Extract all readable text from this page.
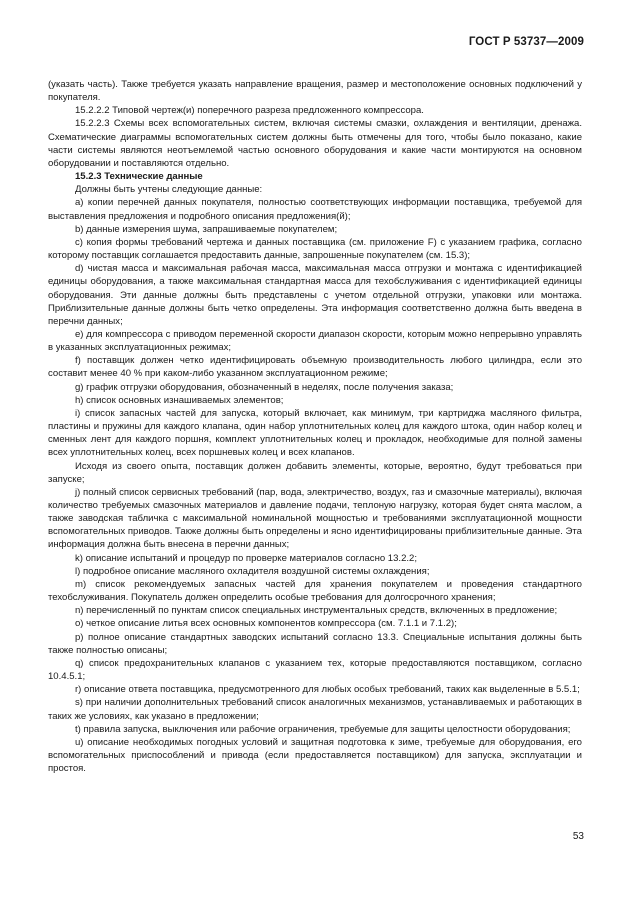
ГОСТ Р 53737—2009

(указать часть). Также требуется указать направление вращения, размер и местоположение основных подключений у покупателя.

15.2.2.2 Типовой чертеж(и) поперечного разреза предложенного компрессора.

15.2.2.3 Схемы всех вспомогательных систем, включая системы смазки, охлаждения и вентиляции, дренажа. Схематические диаграммы вспомогательных систем должны быть отмечены для того, чтобы было показано, какие части системы являются неотъемлемой частью основного оборудования и какие части монтируются на основном оборудовании и поставляются отдельно.

15.2.3 Технические данные

Должны быть учтены следующие данные:

a) копии перечней данных покупателя, полностью соответствующих информации поставщика, требуемой для выставления предложения и подробного описания предложения(й);

b) данные измерения шума, запрашиваемые покупателем;

c) копия формы требований чертежа и данных поставщика (см. приложение F) с указанием графика, согласно которому поставщик соглашается предоставить данные, запрошенные покупателем (см. 15.3);

d) чистая масса и максимальная рабочая масса, максимальная масса отгрузки и монтажа с идентификацией единицы оборудования, а также максимальная стандартная масса для техобслуживания с идентификацией единицы оборудования. Эти данные должны быть представлены с учетом отдельной отгрузки, упаковки или монтажа. Приблизительные данные должны быть четко определены. Эта информация соответственно должна быть введена в перечни данных;

e) для компрессора с приводом переменной скорости диапазон скорости, которым можно непрерывно управлять в указанных эксплуатационных режимах;

f) поставщик должен четко идентифицировать объемную производительность любого цилиндра, если это составит менее 40 % при каком-либо указанном эксплуатационном режиме;

g) график отгрузки оборудования, обозначенный в неделях, после получения заказа;

h) список основных изнашиваемых элементов;

i) список запасных частей для запуска, который включает, как минимум, три картриджа масляного фильтра, пластины и пружины для каждого клапана, один набор уплотнительных колец для каждого штока, один набор колец и сменных лент для каждого поршня, комплект уплотнительных колец и прокладок, необходимые для полной замены всех уплотнительных колец, всех поршневых колец и всех клапанов.

Исходя из своего опыта, поставщик должен добавить элементы, которые, вероятно, будут требоваться при запуске;

j) полный список сервисных требований (пар, вода, электричество, воздух, газ и смазочные материалы), включая количество требуемых смазочных материалов и давление подачи, теплоную нагрузку, которая будет снята маслом, а также заводская табличка с максимальной номинальной мощностью и требованиями эксплуатационной мощности вспомогательных приводов. Также должны быть определены и ясно идентифицированы приблизительные данные. Эта информация должна быть внесена в перечни данных;

k) описание испытаний и процедур по проверке материалов согласно 13.2.2;

l) подробное описание масляного охладителя воздушной системы охлаждения;

m) список рекомендуемых запасных частей для хранения покупателем и проведения стандартного техобслуживания. Покупатель должен определить особые требования для долгосрочного хранения;

n) перечисленный по пунктам список специальных инструментальных средств, включенных в предложение;

o) четкое описание литья всех основных компонентов компрессора (см. 7.1.1 и 7.1.2);

p) полное описание стандартных заводских испытаний согласно 13.3. Специальные испытания должны быть также полностью описаны;

q) список предохранительных клапанов с указанием тех, которые предоставляются поставщиком, согласно 10.4.5.1;

r) описание ответа поставщика, предусмотренного для любых особых требований, таких как выделенные в 5.5.1;

s) при наличии дополнительных требований список аналогичных механизмов, устанавливаемых и работающих в таких же условиях, как указано в предложении;

t) правила запуска, выключения или рабочие ограничения, требуемые для защиты целостности оборудования;

u) описание необходимых погодных условий и защитная подготовка к зиме, требуемые для оборудования, его вспомогательных приспособлений и привода (если предоставляется поставщиком) для запуска, эксплуатации и простоя.

53
